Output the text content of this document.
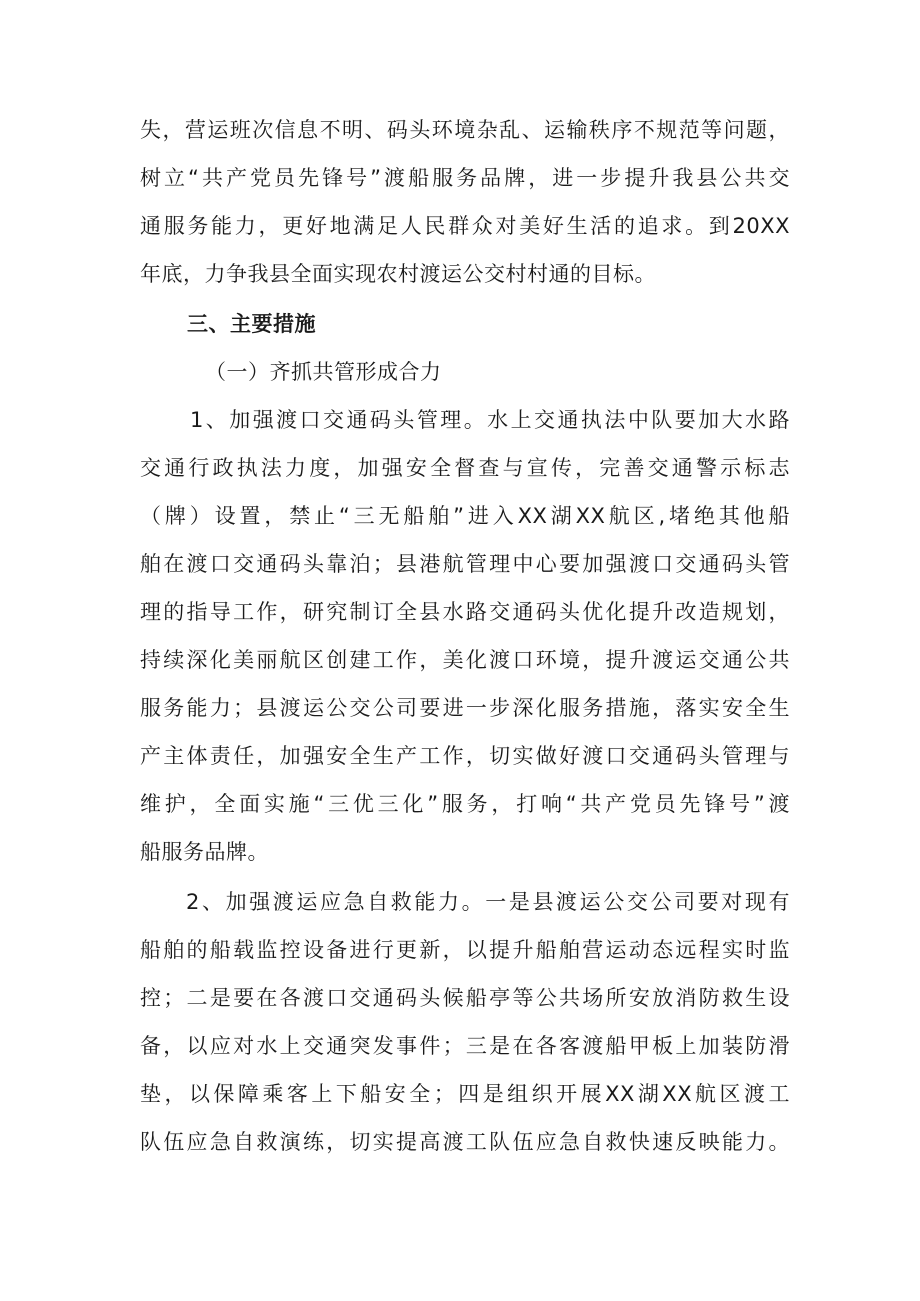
失，营运班次信息不明、码头环境杂乱、运输秩序不规范等问题，
树立“共产党员先锋号”渡船服务品牌，进一步提升我县公共交
通服务能力，更好地满足人民群众对美好生活的追求。到20XX
年底，力争我县全面实现农村渡运公交村村通的目标。
三、主要措施
（一）齐抓共管形成合力
1、加强渡口交通码头管理。水上交通执法中队要加大水路
交通行政执法力度，加强安全督查与宣传，完善交通警示标志
（牌）设置，禁止“三无船舶”进入XX湖XX航区,堵绝其他船
舶在渡口交通码头靠泊；县港航管理中心要加强渡口交通码头管
理的指导工作，研究制订全县水路交通码头优化提升改造规划，
持续深化美丽航区创建工作，美化渡口环境，提升渡运交通公共
服务能力；县渡运公交公司要进一步深化服务措施，落实安全生
产主体责任，加强安全生产工作，切实做好渡口交通码头管理与
维护，全面实施“三优三化”服务，打响“共产党员先锋号”渡
船服务品牌。
2、加强渡运应急自救能力。一是县渡运公交公司要对现有
船舶的船载监控设备进行更新，以提升船舶营运动态远程实时监
控；二是要在各渡口交通码头候船亭等公共场所安放消防救生设
备，以应对水上交通突发事件；三是在各客渡船甲板上加装防滑
垫，以保障乘客上下船安全；四是组织开展XX湖XX航区渡工
队伍应急自救演练，切实提高渡工队伍应急自救快速反映能力。
